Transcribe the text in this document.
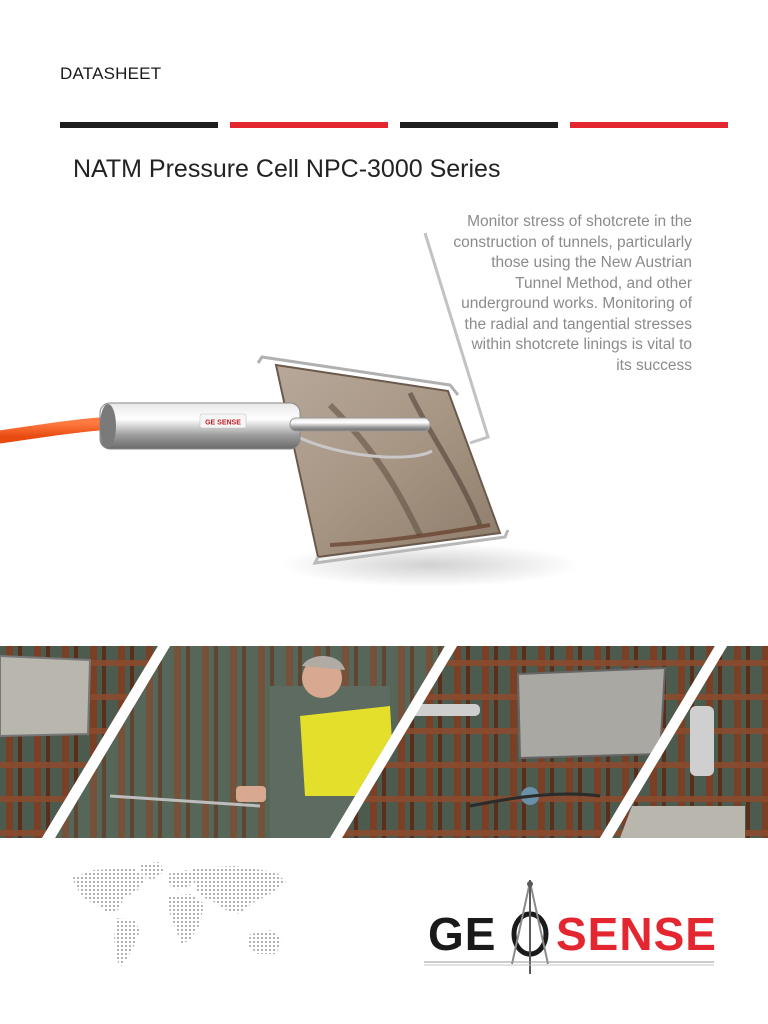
DATASHEET
NATM Pressure Cell NPC-3000 Series
GE SENSE
Monitor stress of shotcrete in the construction of tunnels, particularly those using the New Austrian Tunnel Method, and other underground works. Monitoring of the radial and tangential stresses within shotcrete linings is vital to its success
GE SENSE
